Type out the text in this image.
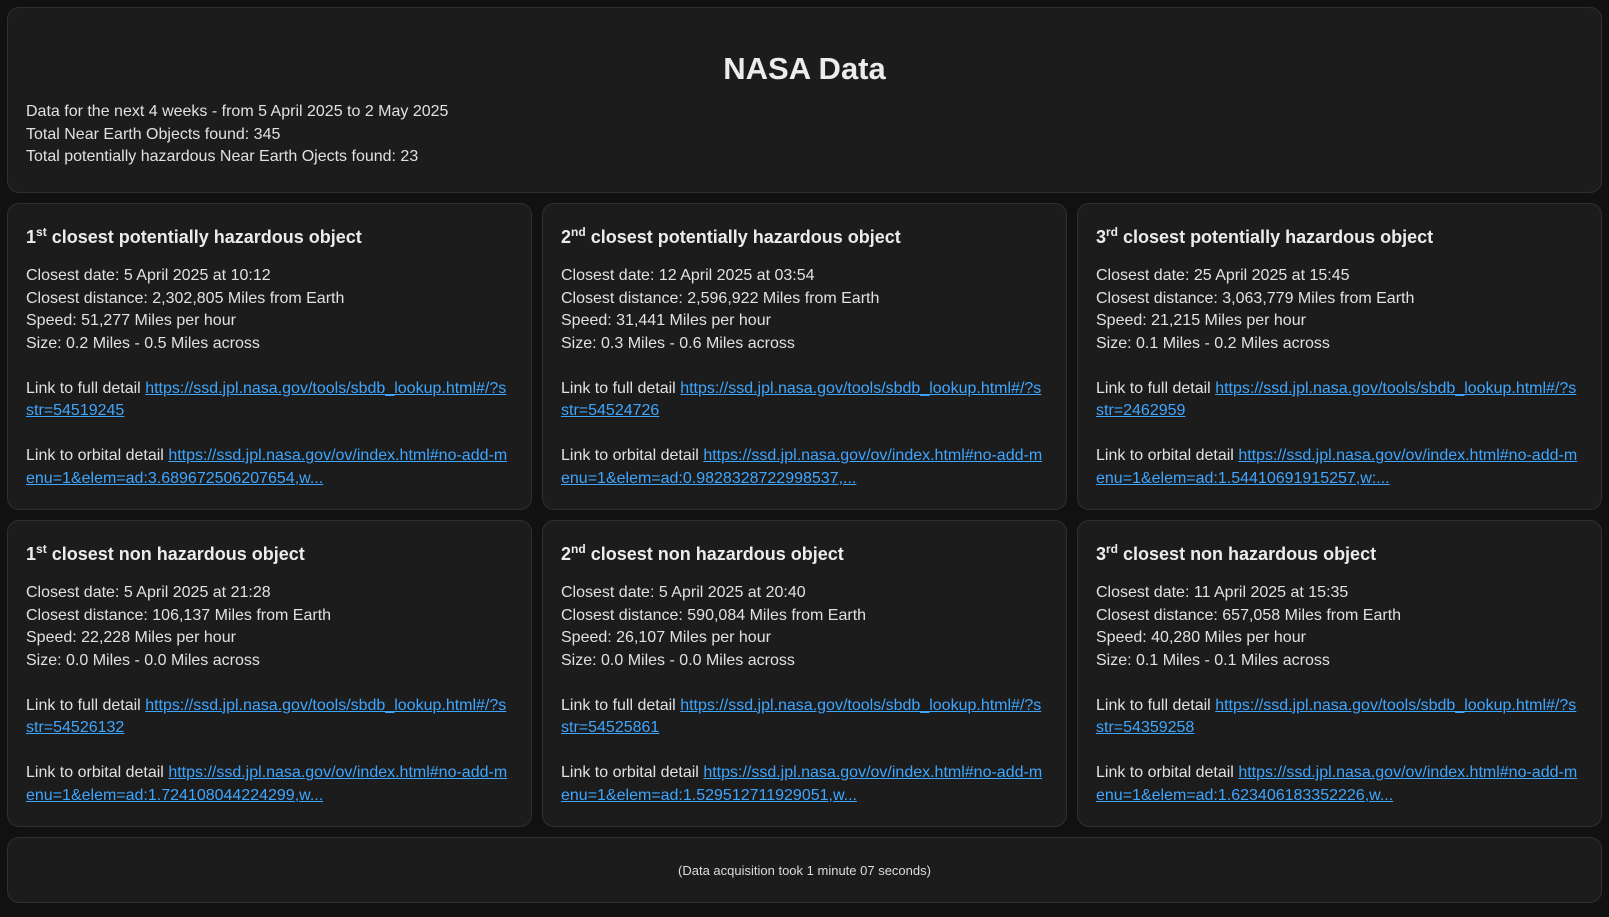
NASA Data
Data for the next 4 weeks - from 5 April 2025 to 2 May 2025
Total Near Earth Objects found: 345
Total potentially hazardous Near Earth Ojects found: 23
1st closest potentially hazardous object
Closest date: 5 April 2025 at 10:12
Closest distance: 2,302,805 Miles from Earth
Speed: 51,277 Miles per hour
Size: 0.2 Miles - 0.5 Miles across
Link to full detail https://ssd.jpl.nasa.gov/tools/sbdb_lookup.html#/?sstr=54519245
Link to orbital detail https://ssd.jpl.nasa.gov/ov/index.html#no-add-menu=1&elem=ad:3.689672506207654,w...
2nd closest potentially hazardous object
Closest date: 12 April 2025 at 03:54
Closest distance: 2,596,922 Miles from Earth
Speed: 31,441 Miles per hour
Size: 0.3 Miles - 0.6 Miles across
Link to full detail https://ssd.jpl.nasa.gov/tools/sbdb_lookup.html#/?sstr=54524726
Link to orbital detail https://ssd.jpl.nasa.gov/ov/index.html#no-add-menu=1&elem=ad:0.9828328722998537,...
3rd closest potentially hazardous object
Closest date: 25 April 2025 at 15:45
Closest distance: 3,063,779 Miles from Earth
Speed: 21,215 Miles per hour
Size: 0.1 Miles - 0.2 Miles across
Link to full detail https://ssd.jpl.nasa.gov/tools/sbdb_lookup.html#/?sstr=2462959
Link to orbital detail https://ssd.jpl.nasa.gov/ov/index.html#no-add-menu=1&elem=ad:1.54410691915257,w:...
1st closest non hazardous object
Closest date: 5 April 2025 at 21:28
Closest distance: 106,137 Miles from Earth
Speed: 22,228 Miles per hour
Size: 0.0 Miles - 0.0 Miles across
Link to full detail https://ssd.jpl.nasa.gov/tools/sbdb_lookup.html#/?sstr=54526132
Link to orbital detail https://ssd.jpl.nasa.gov/ov/index.html#no-add-menu=1&elem=ad:1.724108044224299,w...
2nd closest non hazardous object
Closest date: 5 April 2025 at 20:40
Closest distance: 590,084 Miles from Earth
Speed: 26,107 Miles per hour
Size: 0.0 Miles - 0.0 Miles across
Link to full detail https://ssd.jpl.nasa.gov/tools/sbdb_lookup.html#/?sstr=54525861
Link to orbital detail https://ssd.jpl.nasa.gov/ov/index.html#no-add-menu=1&elem=ad:1.529512711929051,w...
3rd closest non hazardous object
Closest date: 11 April 2025 at 15:35
Closest distance: 657,058 Miles from Earth
Speed: 40,280 Miles per hour
Size: 0.1 Miles - 0.1 Miles across
Link to full detail https://ssd.jpl.nasa.gov/tools/sbdb_lookup.html#/?sstr=54359258
Link to orbital detail https://ssd.jpl.nasa.gov/ov/index.html#no-add-menu=1&elem=ad:1.623406183352226,w...
(Data acquisition took 1 minute 07 seconds)
